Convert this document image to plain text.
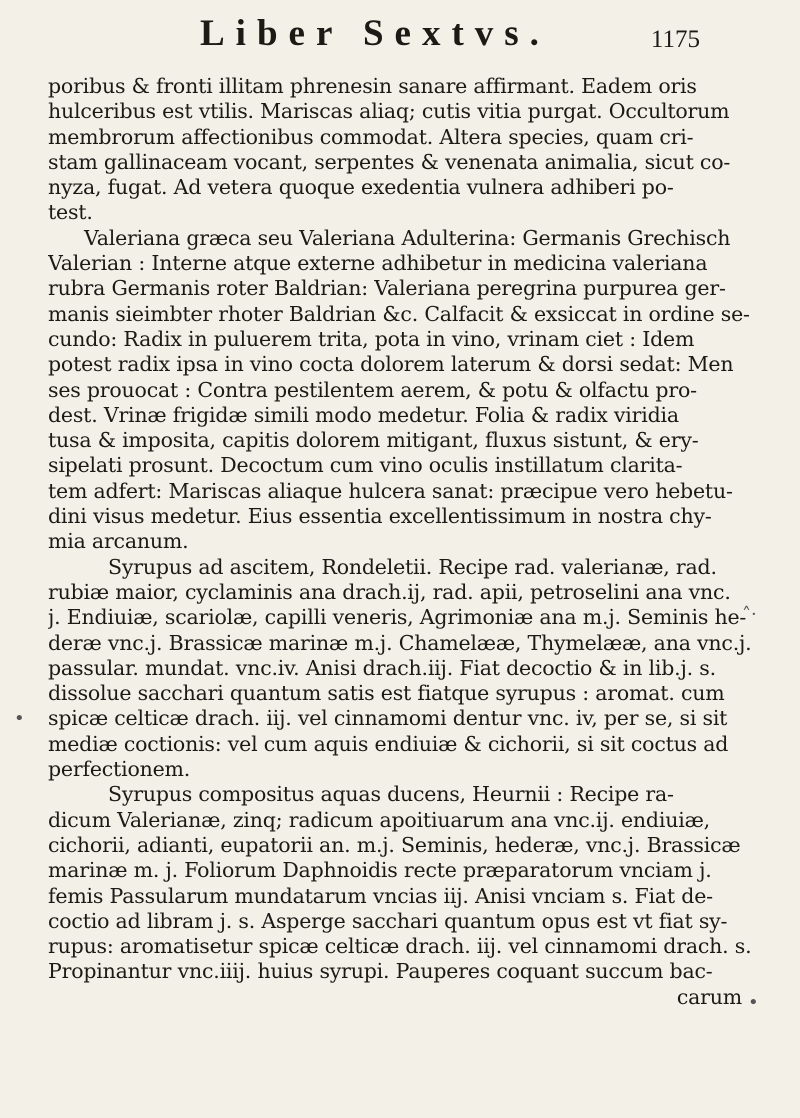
Liber Sextvs.	1175
poribus & fronti illitam phrenesin sanare affirmant. Eadem oris
hulceribus est vtilis. Mariscas aliaq; cutis vitia purgat. Occultorum
membrorum affectionibus commodat. Altera species, quam cri-
stam gallinaceam vocant, serpentes & venenata animalia, sicut co-
nyza, fugat. Ad vetera quoque exedentia vulnera adhiberi po-
test.
Valeriana græca seu Valeriana Adulterina: Germanis Grechisch
Valerian : Interne atque externe adhibetur in medicina valeriana
rubra Germanis roter Baldrian: Valeriana peregrina purpurea ger-
manis sieimbter rhoter Baldrian &c. Calfacit & exsiccat in ordine se-
cundo: Radix in puluerem trita, pota in vino, vrinam ciet : Idem
potest radix ipsa in vino cocta dolorem laterum & dorsi sedat: Men
ses prouocat : Contra pestilentem aerem, & potu & olfactu pro-
dest. Vrinæ frigidæ simili modo medetur. Folia & radix viridia
tusa & imposita, capitis dolorem mitigant, fluxus sistunt, & ery-
sipelati prosunt. Decoctum cum vino oculis instillatum clarita-
tem adfert: Mariscas aliaque hulcera sanat: præcipue vero hebetu-
dini visus medetur. Eius essentia excellentissimum in nostra chy-
mia arcanum.
Syrupus ad ascitem, Rondeletii. Recipe rad. valerianæ, rad.
rubiæ maior, cyclaminis ana drach.ij, rad. apii, petroselini ana vnc.
j. Endiuiæ, scariolæ, capilli veneris, Agrimoniæ ana m.j. Seminis he-
deræ vnc.j. Brassicæ marinæ m.j. Chamelææ, Thymelææ, ana vnc.j.
passular. mundat. vnc.iv. Anisi drach.iij. Fiat decoctio & in lib.j. s.
dissolue sacchari quantum satis est fiatque syrupus : aromat. cum
spicæ celticæ drach. iij. vel cinnamomi dentur vnc. iv, per se, si sit
mediæ coctionis: vel cum aquis endiuiæ & cichorii, si sit coctus ad
perfectionem.
Syrupus compositus aquas ducens, Heurnii : Recipe ra-
dicum Valerianæ, zinq; radicum apoitiuarum ana vnc.ij. endiuiæ,
cichorii, adianti, eupatorii an. m.j. Seminis, hederæ, vnc.j. Brassicæ
marinæ m. j. Foliorum Daphnoidis recte præparatorum vnciam j.
femis Passularum mundatarum vncias iij. Anisi vnciam s. Fiat de-
coctio ad libram j. s. Asperge sacchari quantum opus est vt fiat sy-
rupus: aromatisetur spicæ celticæ drach. iij. vel cinnamomi drach. s.
Propinantur vnc.iiij. huius syrupi. Pauperes coquant succum bac-
carum
•
˄·
•
